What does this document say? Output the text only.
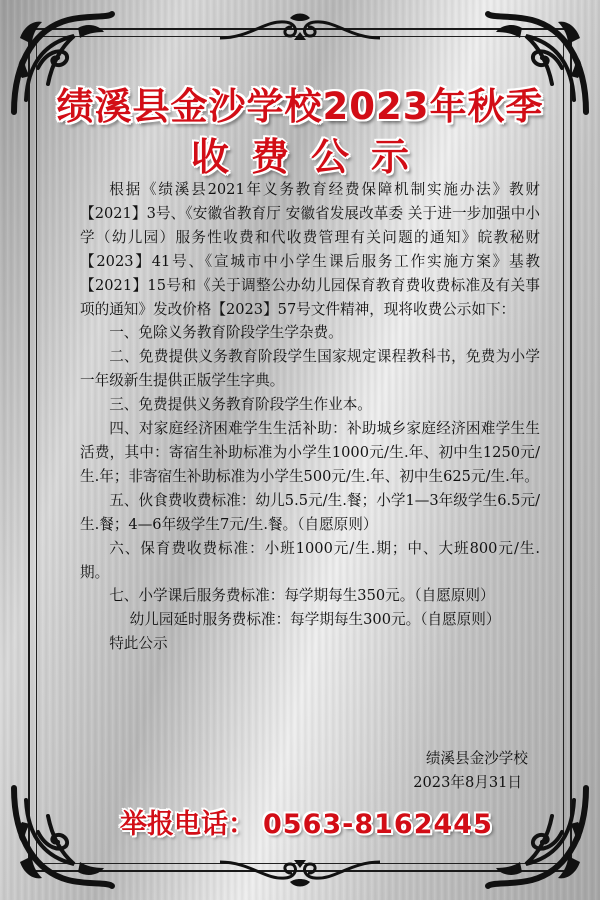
绩溪县金沙学校2023年秋季
收费公示

根据《绩溪县2021年义务教育经费保障机制实施办法》教财【2021】3号、《安徽省教育厅 安徽省发展改革委 关于进一步加强中小学（幼儿园）服务性收费和代收费管理有关问题的通知》皖教秘财【2023】41号、《宣城市中小学生课后服务工作实施方案》基教【2021】15号和《关于调整公办幼儿园保育教育费收费标准及有关事项的通知》发改价格【2023】57号文件精神，现将收费公示如下：

一、免除义务教育阶段学生学杂费。

二、免费提供义务教育阶段学生国家规定课程教科书，免费为小学一年级新生提供正版学生字典。

三、免费提供义务教育阶段学生作业本。

四、对家庭经济困难学生生活补助：补助城乡家庭经济困难学生生活费，其中：寄宿生补助标准为小学生1000元/生.年、初中生1250元/生.年；非寄宿生补助标准为小学生500元/生.年、初中生625元/生.年。

五、伙食费收费标准：幼儿5.5元/生.餐；小学1—3年级学生6.5元/生.餐；4—6年级学生7元/生.餐。（自愿原则）

六、保育费收费标准：小班1000元/生.期；中、大班800元/生.期。

七、小学课后服务费标准：每学期每生350元。（自愿原则）

幼儿园延时服务费标准：每学期每生300元。（自愿原则）

特此公示

绩溪县金沙学校
2023年8月31日
举报电话： 0563-8162445
